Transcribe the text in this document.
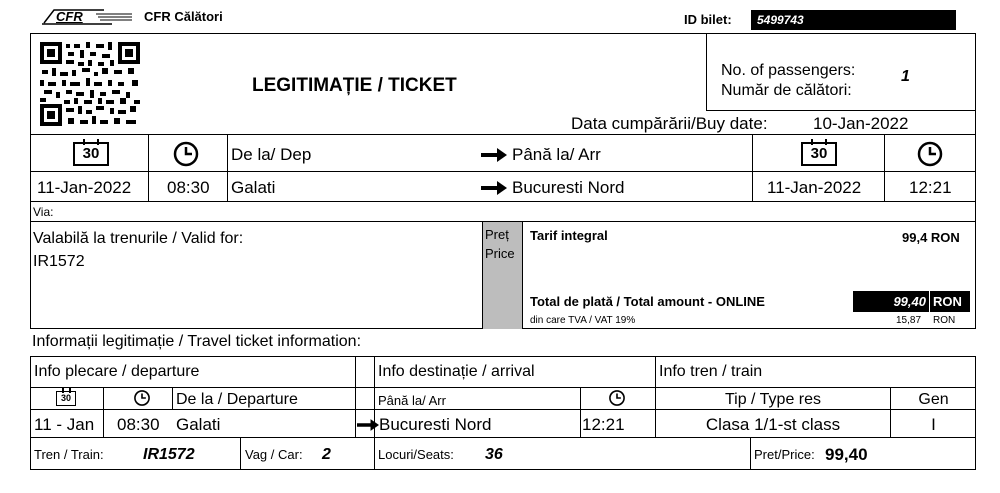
CFR	CFR Călători	ID bilet: 5499743
LEGITIMAȚIE / TICKET
No. of passengers:
Număr de călători:
1
Data cumpărării/Buy date:	10-Jan-2022
30	De la/ Dep	Până la/ Arr	30
11-Jan-2022 08:30 Galati	Bucuresti Nord	11-Jan-2022	12:21
Via:
Valabilă la trenurile / Valid for:
IR1572
Preț
Price
Tarif integral	99,4 RON
Total de plată / Total amount - ONLINE	99,40 RON
din care TVA / VAT 19%	15,87 RON
Informații legitimație / Travel ticket information:
Info plecare / departure	Info destinație / arrival	Info tren / train
30	De la / Departure	Până la/ Arr	Tip / Type res	Gen
11 - Jan 08:30 Galati	Bucuresti Nord	12:21	Clasa 1/1-st class	I
Tren / Train: IR1572	Vag / Car: 2	Locuri/Seats: 36	Pret/Price: 99,40
